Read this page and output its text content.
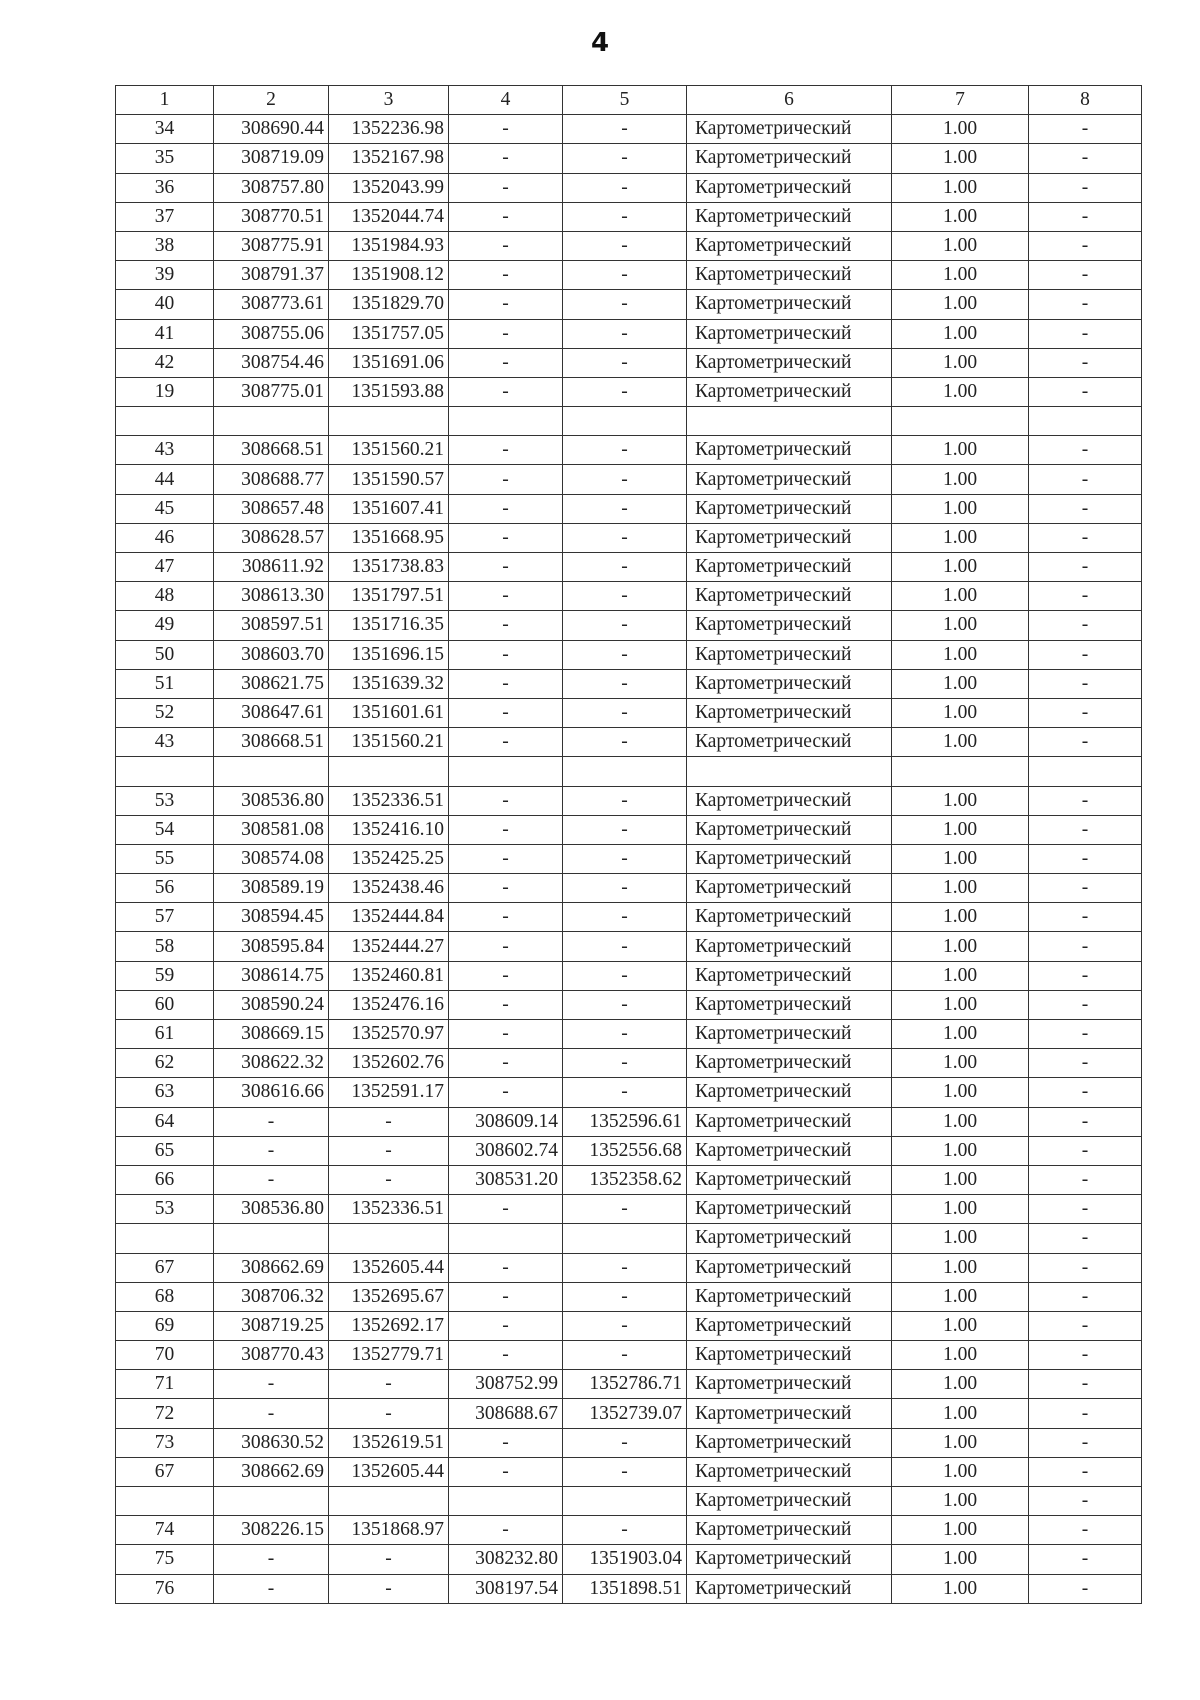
4
1	2	3	4	5	6	7	8
34	308690.44	1352236.98	-	-	Картометрический	1.00	-
35	308719.09	1352167.98	-	-	Картометрический	1.00	-
36	308757.80	1352043.99	-	-	Картометрический	1.00	-
37	308770.51	1352044.74	-	-	Картометрический	1.00	-
38	308775.91	1351984.93	-	-	Картометрический	1.00	-
39	308791.37	1351908.12	-	-	Картометрический	1.00	-
40	308773.61	1351829.70	-	-	Картометрический	1.00	-
41	308755.06	1351757.05	-	-	Картометрический	1.00	-
42	308754.46	1351691.06	-	-	Картометрический	1.00	-
19	308775.01	1351593.88	-	-	Картометрический	1.00	-

43	308668.51	1351560.21	-	-	Картометрический	1.00	-
44	308688.77	1351590.57	-	-	Картометрический	1.00	-
45	308657.48	1351607.41	-	-	Картометрический	1.00	-
46	308628.57	1351668.95	-	-	Картометрический	1.00	-
47	308611.92	1351738.83	-	-	Картометрический	1.00	-
48	308613.30	1351797.51	-	-	Картометрический	1.00	-
49	308597.51	1351716.35	-	-	Картометрический	1.00	-
50	308603.70	1351696.15	-	-	Картометрический	1.00	-
51	308621.75	1351639.32	-	-	Картометрический	1.00	-
52	308647.61	1351601.61	-	-	Картометрический	1.00	-
43	308668.51	1351560.21	-	-	Картометрический	1.00	-

53	308536.80	1352336.51	-	-	Картометрический	1.00	-
54	308581.08	1352416.10	-	-	Картометрический	1.00	-
55	308574.08	1352425.25	-	-	Картометрический	1.00	-
56	308589.19	1352438.46	-	-	Картометрический	1.00	-
57	308594.45	1352444.84	-	-	Картометрический	1.00	-
58	308595.84	1352444.27	-	-	Картометрический	1.00	-
59	308614.75	1352460.81	-	-	Картометрический	1.00	-
60	308590.24	1352476.16	-	-	Картометрический	1.00	-
61	308669.15	1352570.97	-	-	Картометрический	1.00	-
62	308622.32	1352602.76	-	-	Картометрический	1.00	-
63	308616.66	1352591.17	-	-	Картометрический	1.00	-
64	-	-	308609.14	1352596.61	Картометрический	1.00	-
65	-	-	308602.74	1352556.68	Картометрический	1.00	-
66	-	-	308531.20	1352358.62	Картометрический	1.00	-
53	308536.80	1352336.51	-	-	Картометрический	1.00	-
					Картометрический	1.00	-
67	308662.69	1352605.44	-	-	Картометрический	1.00	-
68	308706.32	1352695.67	-	-	Картометрический	1.00	-
69	308719.25	1352692.17	-	-	Картометрический	1.00	-
70	308770.43	1352779.71	-	-	Картометрический	1.00	-
71	-	-	308752.99	1352786.71	Картометрический	1.00	-
72	-	-	308688.67	1352739.07	Картометрический	1.00	-
73	308630.52	1352619.51	-	-	Картометрический	1.00	-
67	308662.69	1352605.44	-	-	Картометрический	1.00	-
					Картометрический	1.00	-
74	308226.15	1351868.97	-	-	Картометрический	1.00	-
75	-	-	308232.80	1351903.04	Картометрический	1.00	-
76	-	-	308197.54	1351898.51	Картометрический	1.00	-
